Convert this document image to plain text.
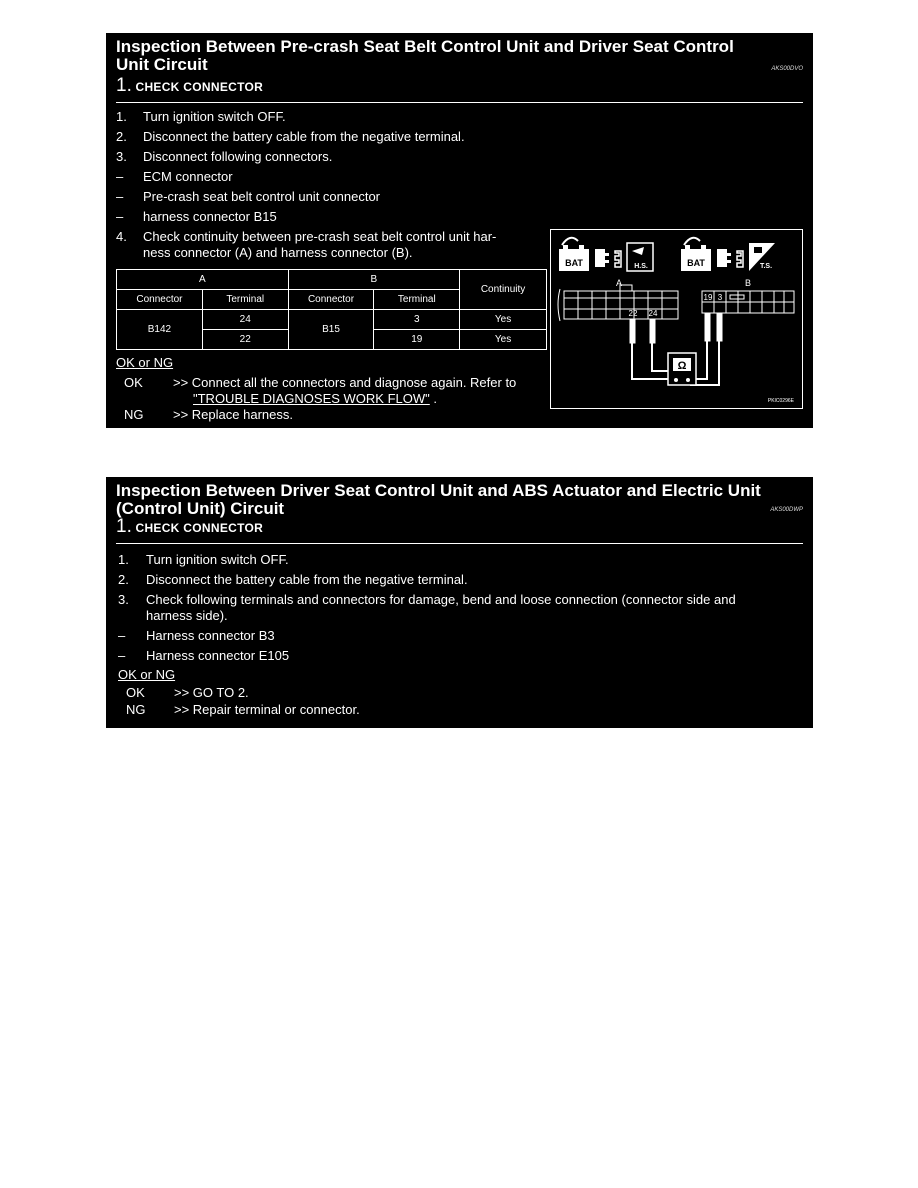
Inspection Between Pre-crash Seat Belt Control Unit and Driver Seat Control
Unit Circuit	AKS00DVO
1. CHECK CONNECTOR
1. Turn ignition switch OFF.
2. Disconnect the battery cable from the negative terminal.
3. Disconnect following connectors.
– ECM connector
– Pre-crash seat belt control unit connector
– harness connector B15
4. Check continuity between pre-crash seat belt control unit har-
ness connector (A) and harness connector (B).
A		B		Continuity
Connector	Terminal	Connector	Terminal	
B142	24	B15	3	Yes
	22		19	Yes
OK or NG
OK >> Connect all the connectors and diagnose again. Refer to
"TROUBLE DIAGNOSES WORK FLOW" .
NG >> Replace harness.
BAT	H.S.	BAT	T.S.
A	B
22 24
19 3
Ω
PKIC0296E
Inspection Between Driver Seat Control Unit and ABS Actuator and Electric Unit
(Control Unit) Circuit	AKS00DWP
1. CHECK CONNECTOR
1. Turn ignition switch OFF.
2. Disconnect the battery cable from the negative terminal.
3. Check following terminals and connectors for damage, bend and loose connection (connector side and
harness side).
– Harness connector B3
– Harness connector E105
OK or NG
OK >> GO TO 2.
NG >> Repair terminal or connector.
